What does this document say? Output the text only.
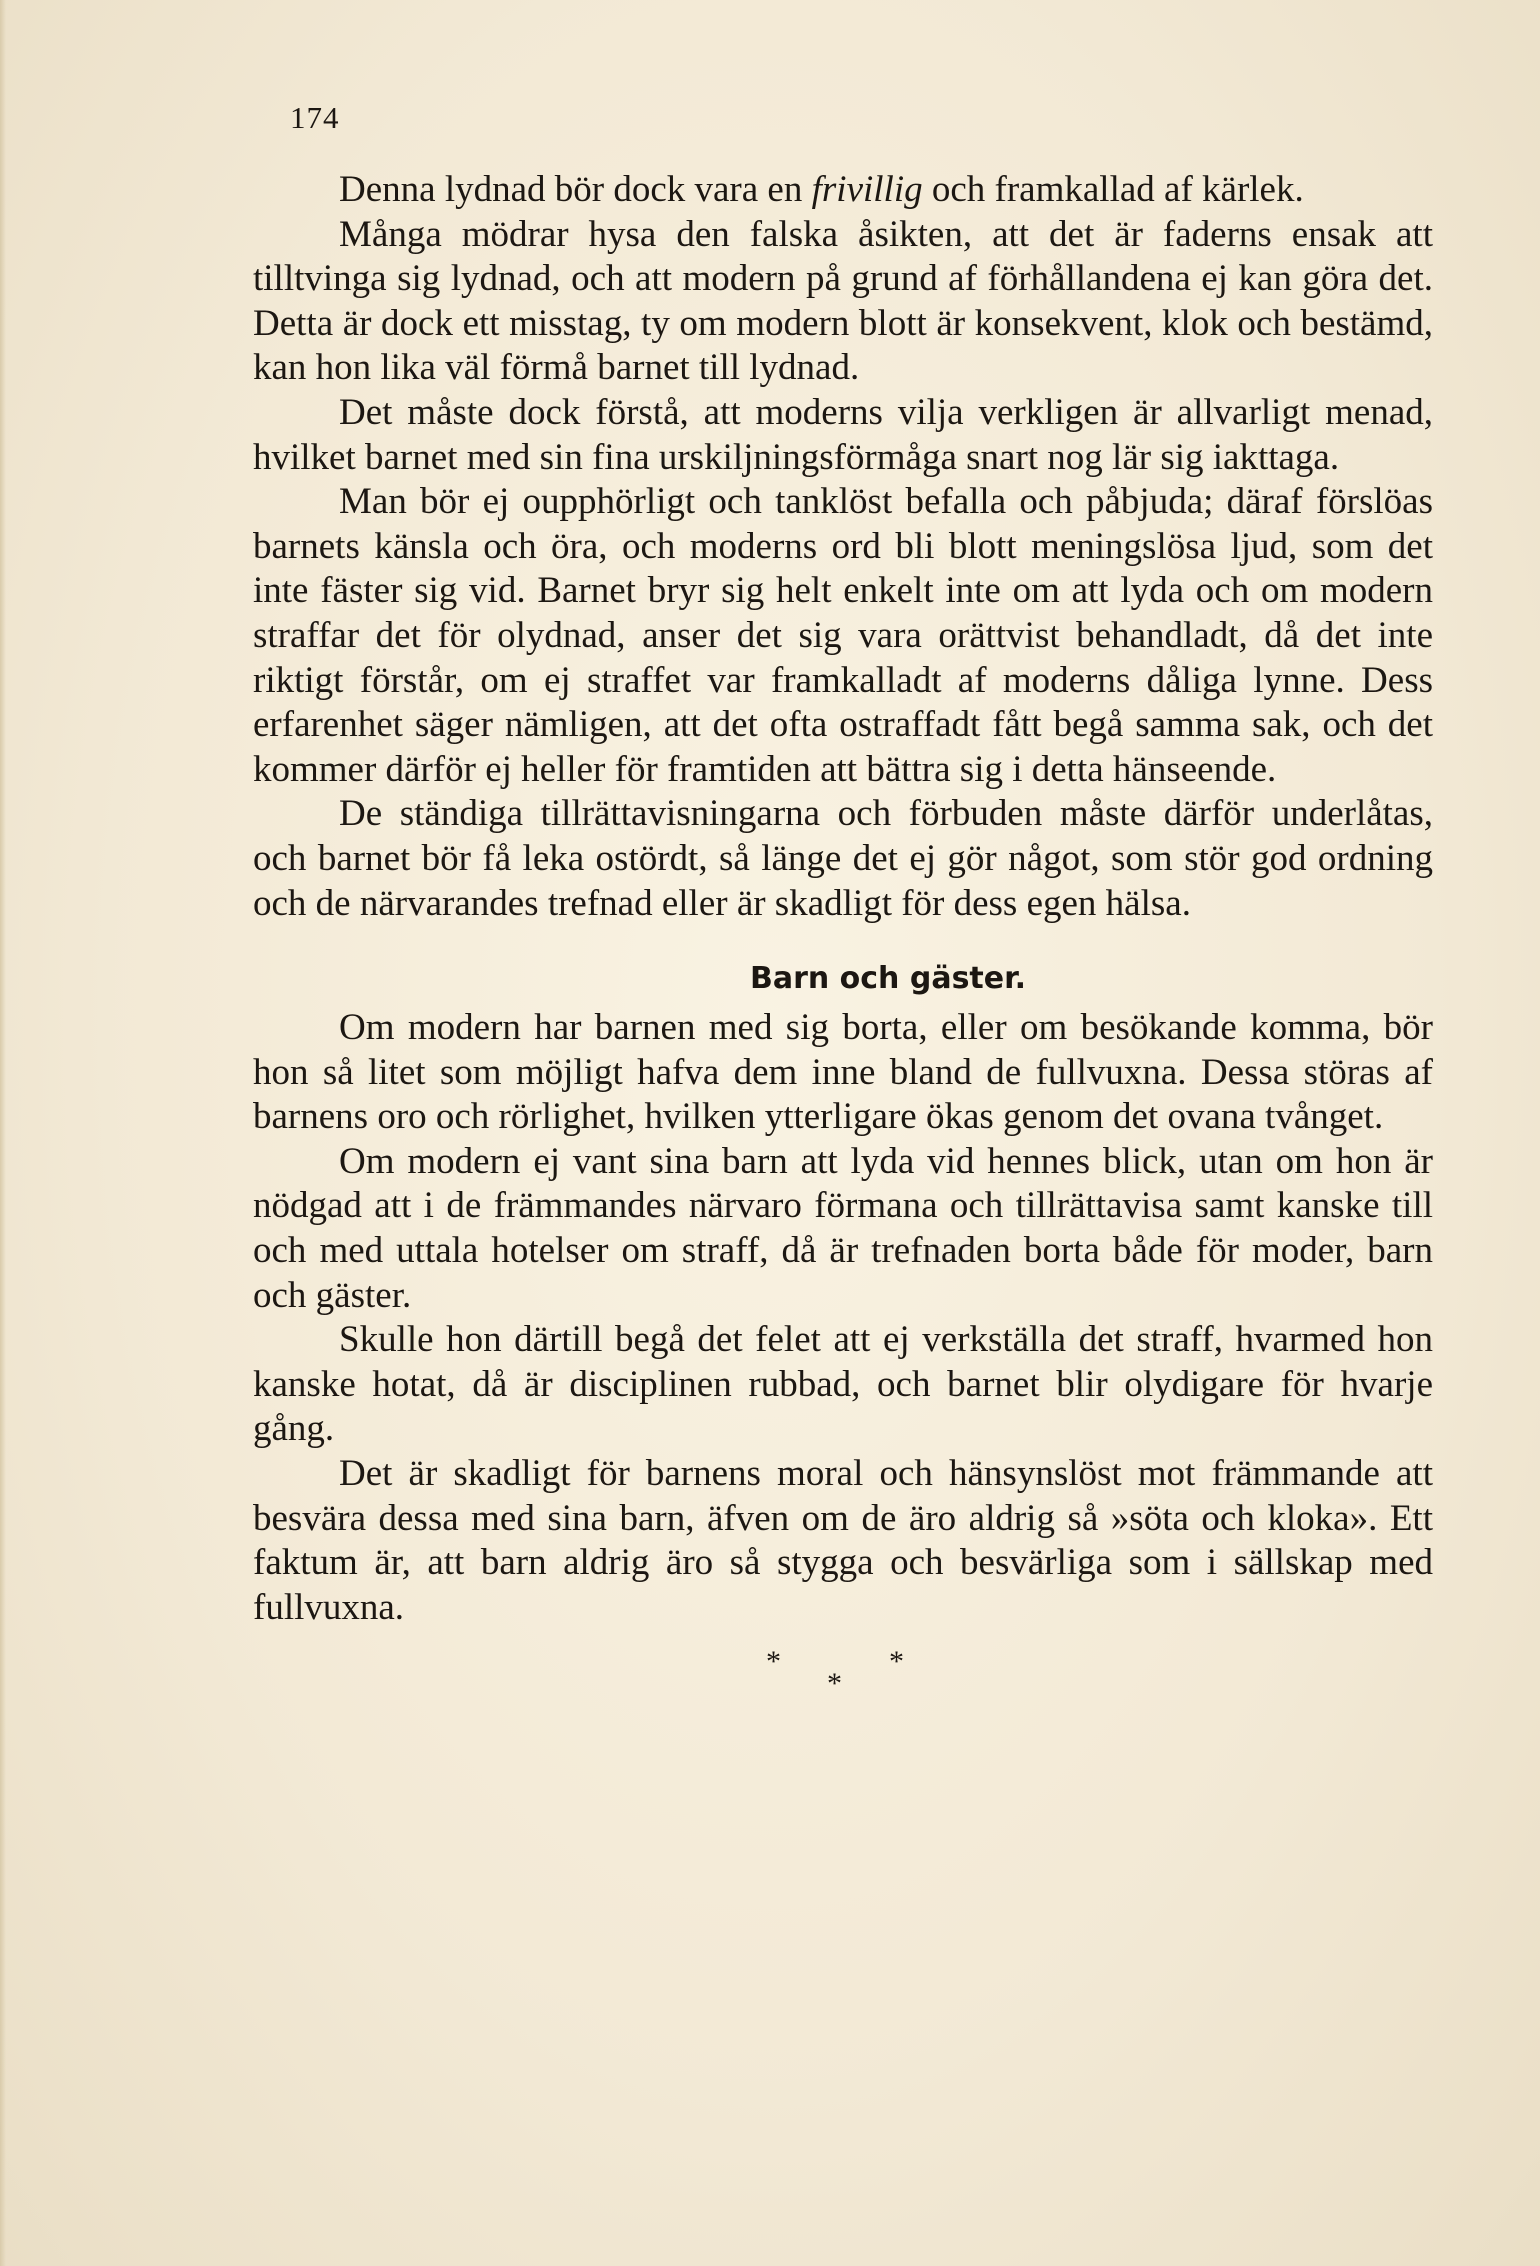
174

Denna lydnad bör dock vara en frivillig och framkallad af kärlek.

Många mödrar hysa den falska åsikten, att det är faderns ensak att tilltvinga sig lydnad, och att modern på grund af förhållandena ej kan göra det. Detta är dock ett misstag, ty om modern blott är konsekvent, klok och bestämd, kan hon lika väl förmå barnet till lydnad.

Det måste dock förstå, att moderns vilja verkligen är allvarligt menad, hvilket barnet med sin fina urskiljningsförmåga snart nog lär sig iakttaga.

Man bör ej oupphörligt och tanklöst befalla och påbjuda; däraf förslöas barnets känsla och öra, och moderns ord bli blott meningslösa ljud, som det inte fäster sig vid. Barnet bryr sig helt enkelt inte om att lyda och om modern straffar det för olydnad, anser det sig vara orättvist behandladt, då det inte riktigt förstår, om ej straffet var framkalladt af moderns dåliga lynne. Dess erfarenhet säger nämligen, att det ofta ostraffadt fått begå samma sak, och det kommer därför ej heller för framtiden att bättra sig i detta hänseende.

De ständiga tillrättavisningarna och förbuden måste därför underlåtas, och barnet bör få leka ostördt, så länge det ej gör något, som stör god ordning och de närvarandes trefnad eller är skadligt för dess egen hälsa.

Barn och gäster.

Om modern har barnen med sig borta, eller om besökande komma, bör hon så litet som möjligt hafva dem inne bland de fullvuxna. Dessa störas af barnens oro och rörlighet, hvilken ytterligare ökas genom det ovana tvånget.

Om modern ej vant sina barn att lyda vid hennes blick, utan om hon är nödgad att i de främmandes närvaro förmana och tillrättavisa samt kanske till och med uttala hotelser om straff, då är trefnaden borta både för moder, barn och gäster.

Skulle hon därtill begå det felet att ej verkställa det straff, hvarmed hon kanske hotat, då är disciplinen rubbad, och barnet blir olydigare för hvarje gång.

Det är skadligt för barnens moral och hänsynslöst mot främmande att besvära dessa med sina barn, äfven om de äro aldrig så »söta och kloka». Ett faktum är, att barn aldrig äro så stygga och besvärliga som i sällskap med fullvuxna.

*	*
*
